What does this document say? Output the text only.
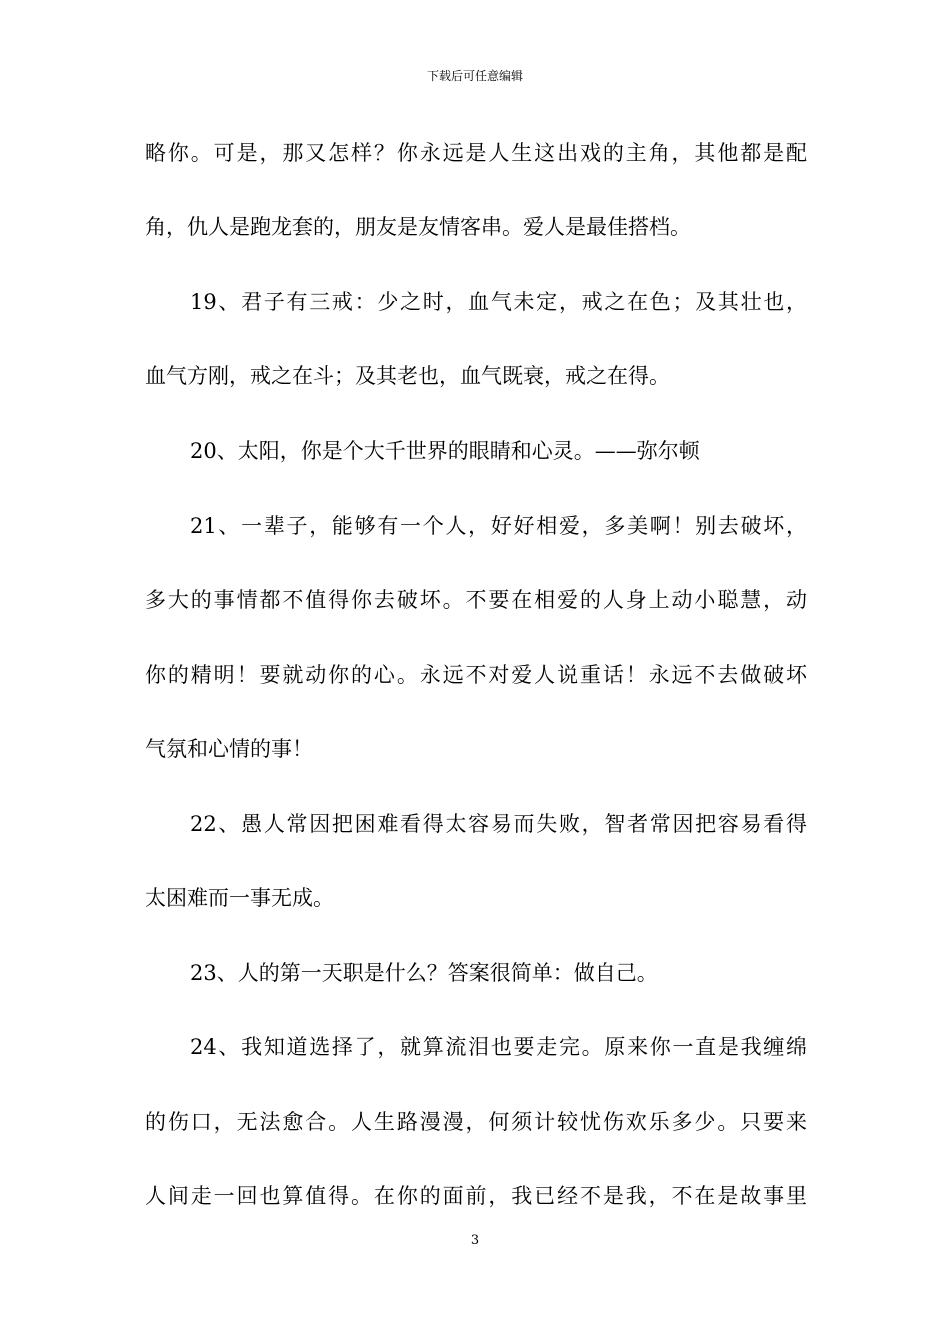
下载后可任意编辑
略你。可是，那又怎样？你永远是人生这出戏的主角，其他都是配
角，仇人是跑龙套的，朋友是友情客串。爱人是最佳搭档。
19、君子有三戒：少之时，血气未定，戒之在色；及其壮也，
血气方刚，戒之在斗；及其老也，血气既衰，戒之在得。
20、太阳，你是个大千世界的眼睛和心灵。——弥尔顿
21、一辈子，能够有一个人，好好相爱，多美啊！别去破坏，
多大的事情都不值得你去破坏。不要在相爱的人身上动小聪慧，动
你的精明！要就动你的心。永远不对爱人说重话！永远不去做破坏
气氛和心情的事！
22、愚人常因把困难看得太容易而失败，智者常因把容易看得
太困难而一事无成。
23、人的第一天职是什么？答案很简单：做自己。
24、我知道选择了，就算流泪也要走完。原来你一直是我缠绵
的伤口，无法愈合。人生路漫漫，何须计较忧伤欢乐多少。只要来
人间走一回也算值得。在你的面前，我已经不是我，不在是故事里
3
